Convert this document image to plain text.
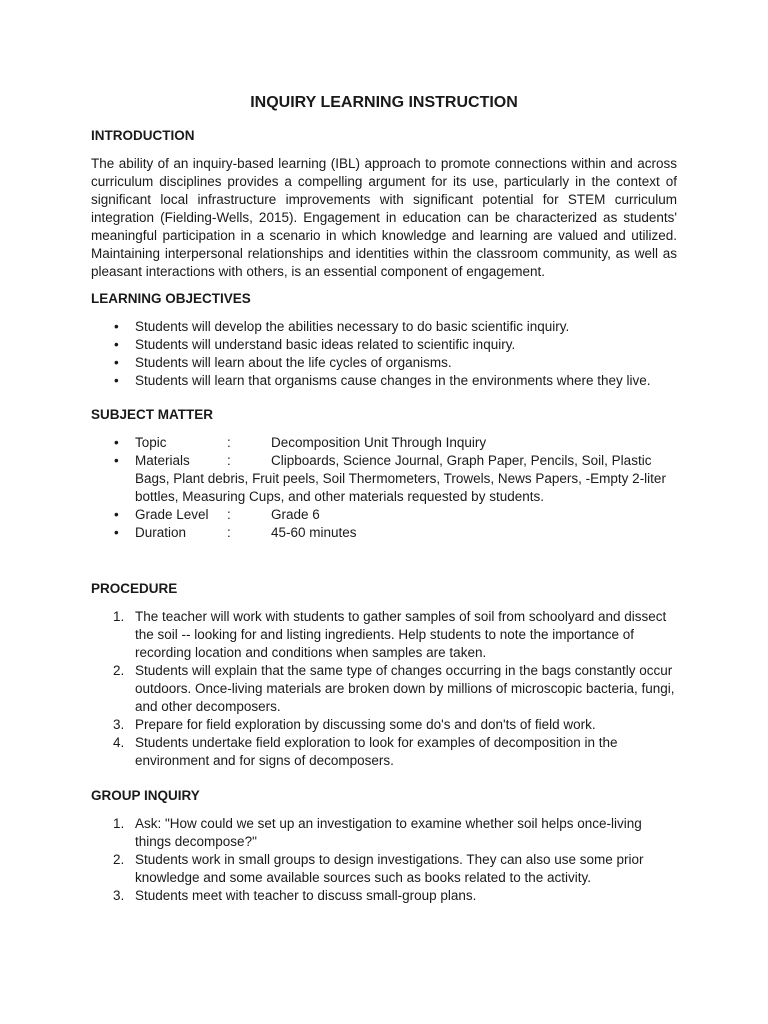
INQUIRY LEARNING INSTRUCTION
INTRODUCTION

The ability of an inquiry-based learning (IBL) approach to promote connections within and across curriculum disciplines provides a compelling argument for its use, particularly in the context of significant local infrastructure improvements with significant potential for STEM curriculum integration (Fielding-Wells, 2015). Engagement in education can be characterized as students' meaningful participation in a scenario in which knowledge and learning are valued and utilized. Maintaining interpersonal relationships and identities within the classroom community, as well as pleasant interactions with others, is an essential component of engagement.

LEARNING OBJECTIVES
• Students will develop the abilities necessary to do basic scientific inquiry.
• Students will understand basic ideas related to scientific inquiry.
• Students will learn about the life cycles of organisms.
• Students will learn that organisms cause changes in the environments where they live.
SUBJECT MATTER
• Topic	:	Decomposition Unit Through Inquiry
• Materials	:	Clipboards, Science Journal, Graph Paper, Pencils, Soil, Plastic
Bags, Plant debris, Fruit peels, Soil Thermometers, Trowels, News Papers, -Empty 2-liter bottles, Measuring Cups, and other materials requested by students.
• Grade Level	:	Grade 6
• Duration	:	45-60 minutes
PROCEDURE
1. The teacher will work with students to gather samples of soil from schoolyard and dissect the soil -- looking for and listing ingredients. Help students to note the importance of recording location and conditions when samples are taken.
2. Students will explain that the same type of changes occurring in the bags constantly occur outdoors. Once-living materials are broken down by millions of microscopic bacteria, fungi, and other decomposers.
3. Prepare for field exploration by discussing some do's and don'ts of field work.
4. Students undertake field exploration to look for examples of decomposition in the environment and for signs of decomposers.
GROUP INQUIRY
1. Ask: "How could we set up an investigation to examine whether soil helps once-living things decompose?"
2. Students work in small groups to design investigations. They can also use some prior knowledge and some available sources such as books related to the activity.
3. Students meet with teacher to discuss small-group plans.
